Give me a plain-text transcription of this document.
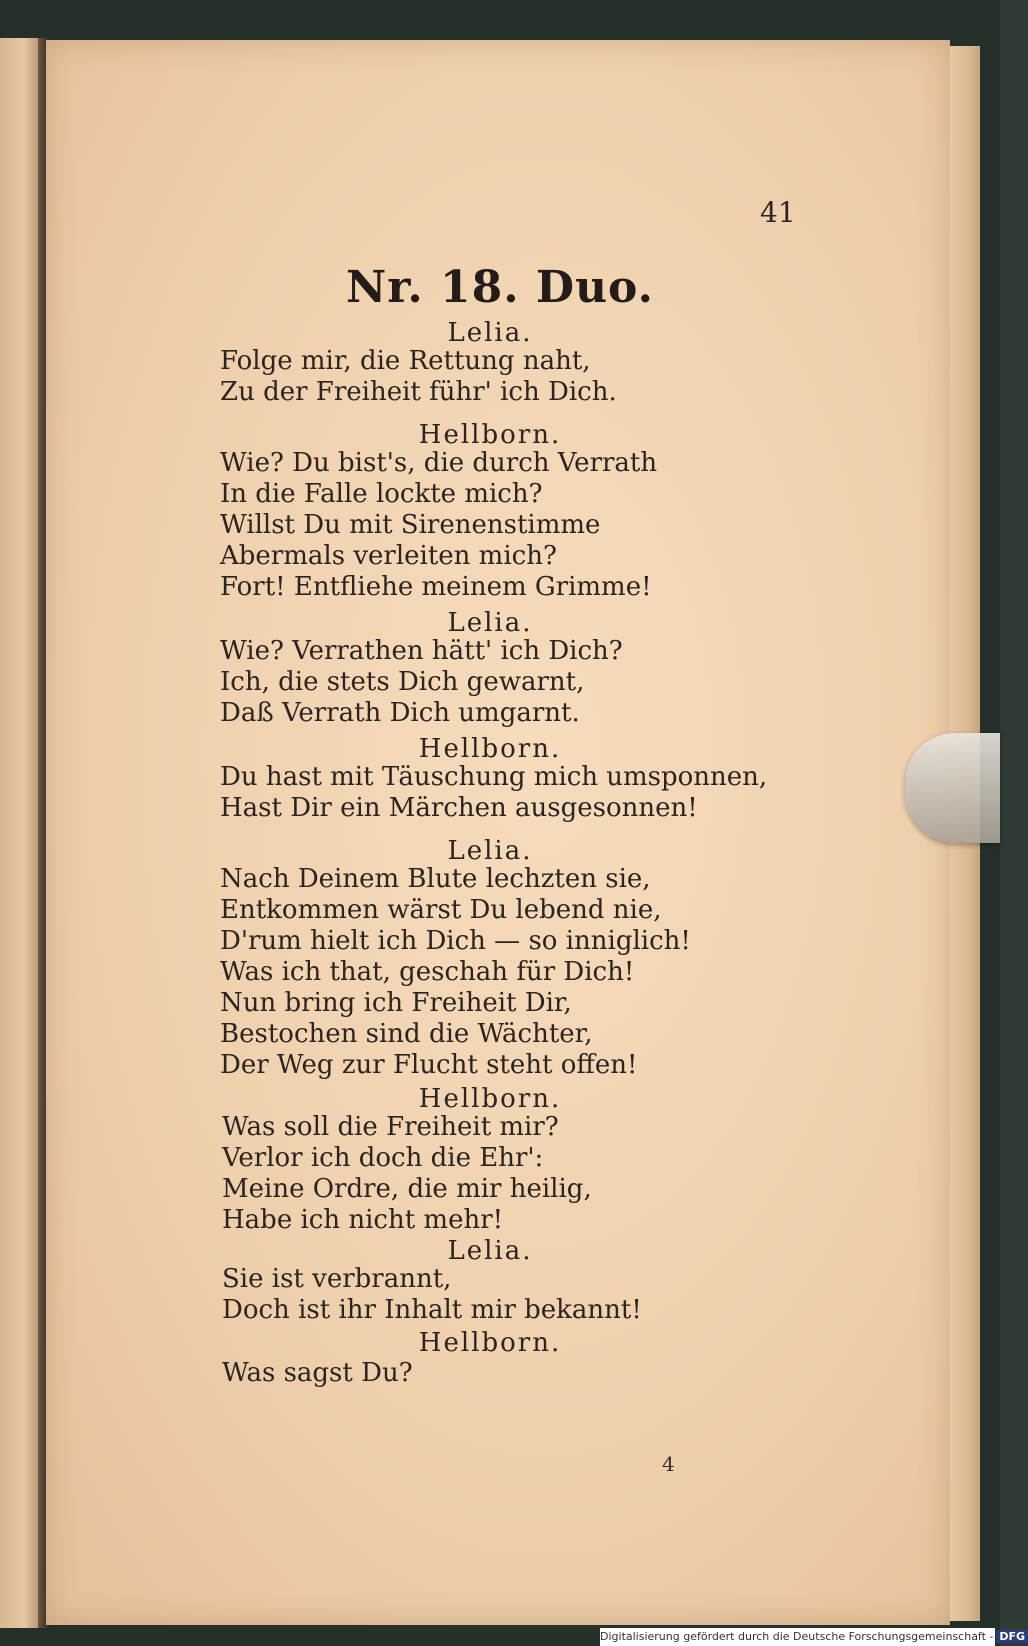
41
Nr. 18. Duo.
Lelia.
Folge mir, die Rettung naht,
Zu der Freiheit führ' ich Dich.
Hellborn.
Wie? Du bist's, die durch Verrath
In die Falle lockte mich?
Willst Du mit Sirenenstimme
Abermals verleiten mich?
Fort! Entfliehe meinem Grimme!
Lelia.
Wie? Verrathen hätt' ich Dich?
Ich, die stets Dich gewarnt,
Daß Verrath Dich umgarnt.
Hellborn.
Du hast mit Täuschung mich umsponnen,
Hast Dir ein Märchen ausgesonnen!
Lelia.
Nach Deinem Blute lechzten sie,
Entkommen wärst Du lebend nie,
D'rum hielt ich Dich — so inniglich!
Was ich that, geschah für Dich!
Nun bring ich Freiheit Dir,
Bestochen sind die Wächter,
Der Weg zur Flucht steht offen!
Hellborn.
Was soll die Freiheit mir?
Verlor ich doch die Ehr':
Meine Ordre, die mir heilig,
Habe ich nicht mehr!
Lelia.
Sie ist verbrannt,
Doch ist ihr Inhalt mir bekannt!
Hellborn.
Was sagst Du?
4
Digitalisierung gefördert durch die Deutsche Forschungsgemeinschaft - DFG
